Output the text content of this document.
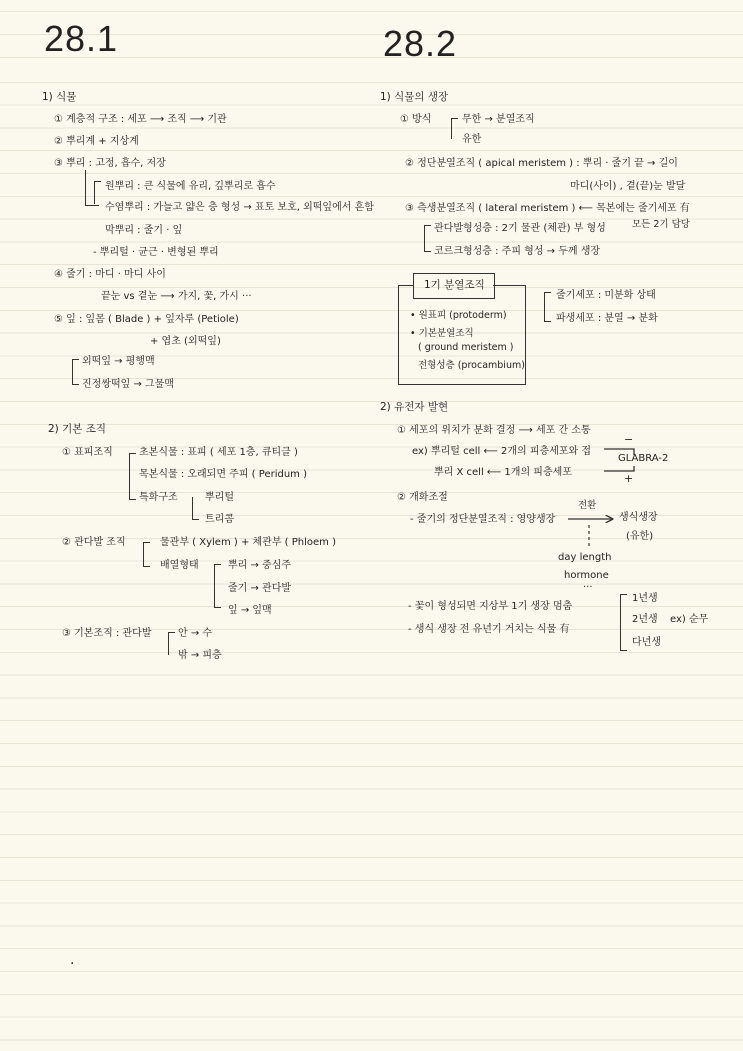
28.1
1) 식물
① 계층적 구조 : 세포 ⟶ 조직 ⟶ 기관
② 뿌리계 + 지상계
③ 뿌리 : 고정, 흡수, 저장
원뿌리 : 큰 식물에 유리, 깊뿌리로 흡수
수염뿌리 : 가늘고 얇은 층 형성 → 표토 보호, 외떡잎에서 흔함
막뿌리 : 줄기 · 잎
- 뿌리털 · 균근 · 변형된 뿌리
④ 줄기 : 마디 · 마디 사이
끝눈 vs 곁눈 ⟶ 가지, 꽃, 가시 ···
⑤ 잎 : 잎몸 ( Blade ) + 잎자루 (Petiole)
+ 엽초 (외떡잎)
외떡잎 → 평행맥
진정쌍떡잎 → 그물맥
2) 기본 조직
① 표피조직	초본식물 : 표피 ( 세포 1층, 큐티클 )
목본식물 : 오래되면 주피 ( Peridum )
특화구조	뿌리털
트리콤
② 관다발 조직	물관부 ( Xylem ) + 체관부 ( Phloem )
배열형태	뿌리 → 중심주
줄기 → 관다발
잎 → 잎맥
③ 기본조직 : 관다발	안 → 수
밖 → 피층
.
28.2
1) 식물의 생장
① 방식	무한 → 분열조직
유한
② 정단분열조직 ( apical meristem ) : 뿌리 · 줄기 끝 → 길이
마디(사이) , 곁(끝)눈 발달
③ 측생분열조직 ( lateral meristem ) ⟵ 목본에는 줄기세포 有
관다발형성층 : 2기 물관 (체관) 부 형성	모든 2기 담당
코르크형성층 : 주피 형성 → 두께 생장
1기 분열조직
• 원표피 (protoderm)
• 기본분열조직
( ground meristem )
전형성층 (procambium)
줄기세포 : 미분화 상태
파생세포 : 분열 → 분화
2) 유전자 발현
① 세포의 위치가 분화 결정 ⟶ 세포 간 소통
ex) 뿌리털 cell ⟵ 2개의 피층세포와 접
뿌리 X cell ⟵ 1개의 피층세포
GLABRA-2
−
+
② 개화조절
- 줄기의 정단분열조직 : 영양생장
전환
생식생장
(유한)
day length
hormone
···
- 꽃이 형성되면 지상부 1기 생장 멈춤
- 생식 생장 전 유년기 거치는 식물 有
1년생
2년생
다년생
ex) 순무
